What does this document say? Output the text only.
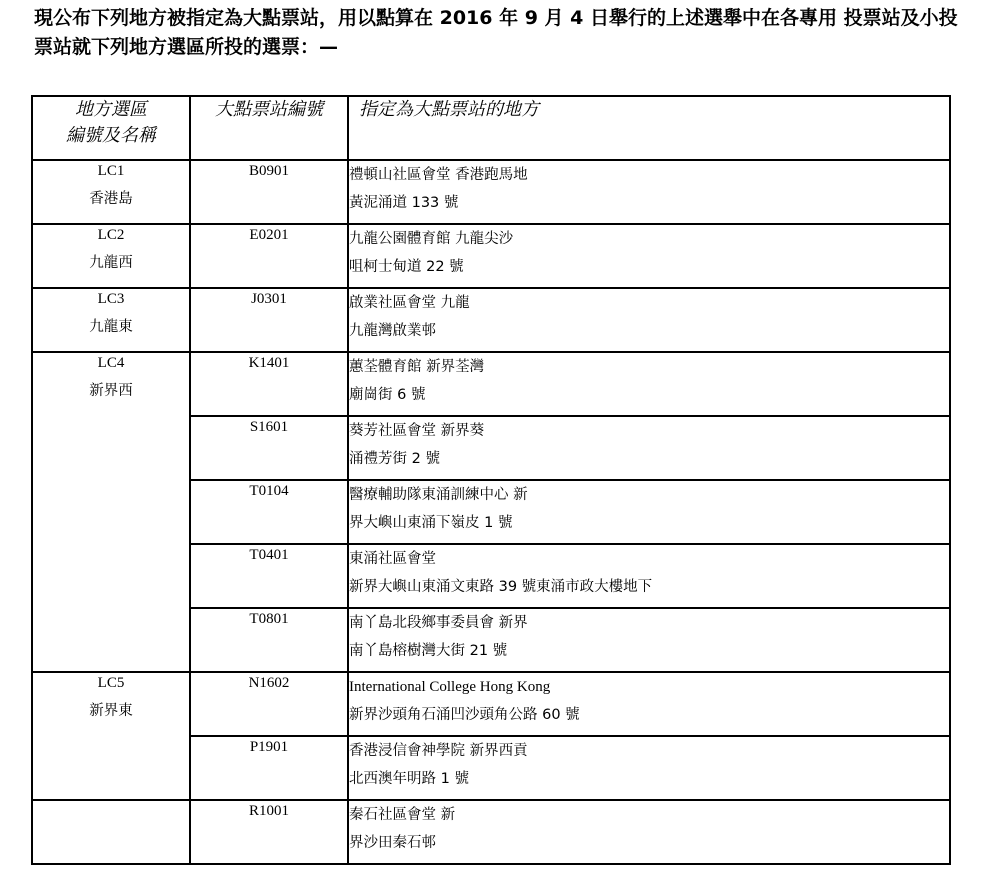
現公布下列地方被指定為大點票站，用以點算在 2016 年 9 月 4 日舉行的上述選舉中在各專用 投票站及小投票站就下列地方選區所投的選票：—

地方選區
編號及名稱	大點票站編號	指定為大點票站的地方

LC1
香港島	B0901	禮頓山社區會堂 香港跑馬地
黃泥涌道 133 號

LC2
九龍西	E0201	九龍公園體育館 九龍尖沙
咀柯士甸道 22 號

LC3
九龍東	J0301	啟業社區會堂 九龍
九龍灣啟業邨

LC4
新界西	K1401	蕙荃體育館 新界荃灣
廟崗街 6 號

	S1601	葵芳社區會堂 新界葵
涌禮芳街 2 號

	T0104	醫療輔助隊東涌訓練中心 新
界大嶼山東涌下嶺皮 1 號

	T0401	東涌社區會堂
新界大嶼山東涌文東路 39 號東涌市政大樓地下

	T0801	南丫島北段鄉事委員會 新界
南丫島榕樹灣大街 21 號

LC5
新界東	N1602	International College Hong Kong
新界沙頭角石涌凹沙頭角公路 60 號

	P1901	香港浸信會神學院 新界西貢
北西澳年明路 1 號

	R1001	秦石社區會堂 新
界沙田秦石邨
